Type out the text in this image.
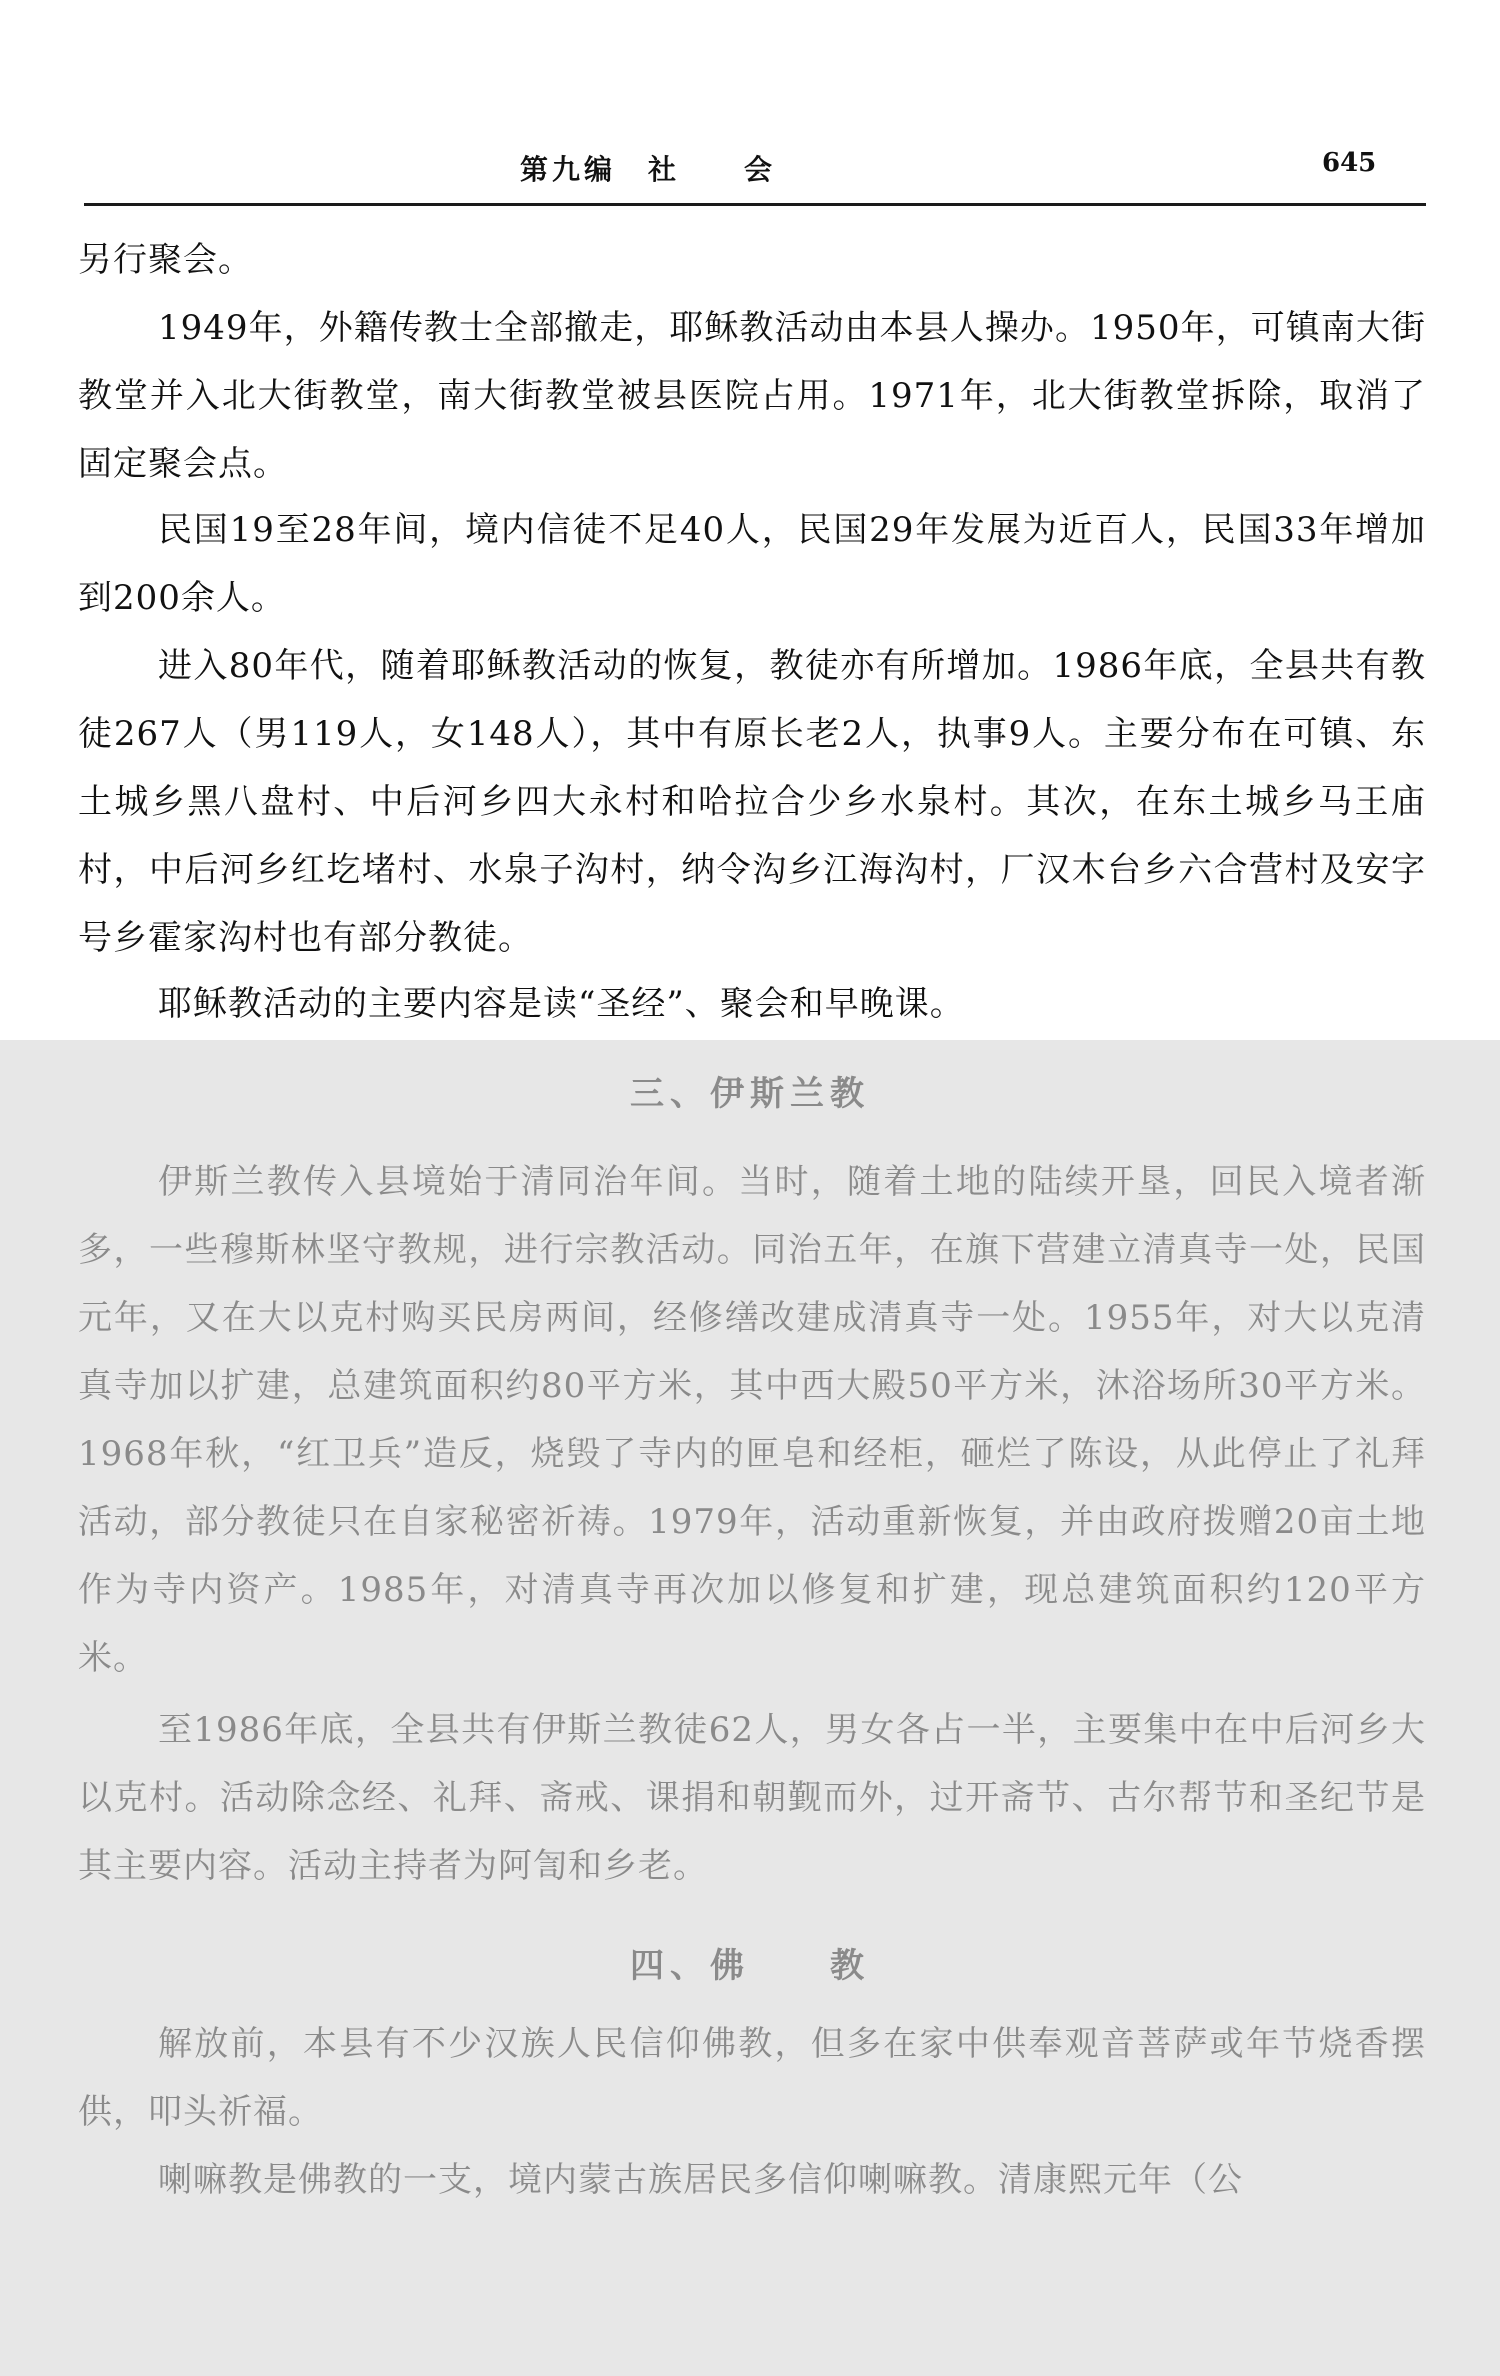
第九编　社　　会	645

另行聚会。

1949年，外籍传教士全部撤走，耶稣教活动由本县人操办。1950年，可镇南大街教堂并入北大街教堂，南大街教堂被县医院占用。1971年，北大街教堂拆除，取消了固定聚会点。

民国19至28年间，境内信徒不足40人，民国29年发展为近百人，民国33年增加到200余人。

进入80年代，随着耶稣教活动的恢复，教徒亦有所增加。1986年底，全县共有教徒267人（男119人，女148人），其中有原长老2人，执事9人。主要分布在可镇、东土城乡黑八盘村、中后河乡四大永村和哈拉合少乡水泉村。其次，在东土城乡马王庙村，中后河乡红圪堵村、水泉子沟村，纳令沟乡江海沟村，厂汉木台乡六合营村及安字号乡霍家沟村也有部分教徒。

耶稣教活动的主要内容是读“圣经”、聚会和早晚课。

三、伊斯兰教

伊斯兰教传入县境始于清同治年间。当时，随着土地的陆续开垦，回民入境者渐多，一些穆斯林坚守教规，进行宗教活动。同治五年，在旗下营建立清真寺一处，民国元年，又在大以克村购买民房两间，经修缮改建成清真寺一处。1955年，对大以克清真寺加以扩建，总建筑面积约80平方米，其中西大殿50平方米，沐浴场所30平方米。1968年秋，“红卫兵”造反，烧毁了寺内的匣皂和经柜，砸烂了陈设，从此停止了礼拜活动，部分教徒只在自家秘密祈祷。1979年，活动重新恢复，并由政府拨赠20亩土地作为寺内资产。1985年，对清真寺再次加以修复和扩建，现总建筑面积约120平方米。

至1986年底，全县共有伊斯兰教徒62人，男女各占一半，主要集中在中后河乡大以克村。活动除念经、礼拜、斋戒、课捐和朝觐而外，过开斋节、古尔帮节和圣纪节是其主要内容。活动主持者为阿訇和乡老。

四、佛　　教

解放前，本县有不少汉族人民信仰佛教，但多在家中供奉观音菩萨或年节烧香摆供，叩头祈福。

喇嘛教是佛教的一支，境内蒙古族居民多信仰喇嘛教。清康熙元年（公
